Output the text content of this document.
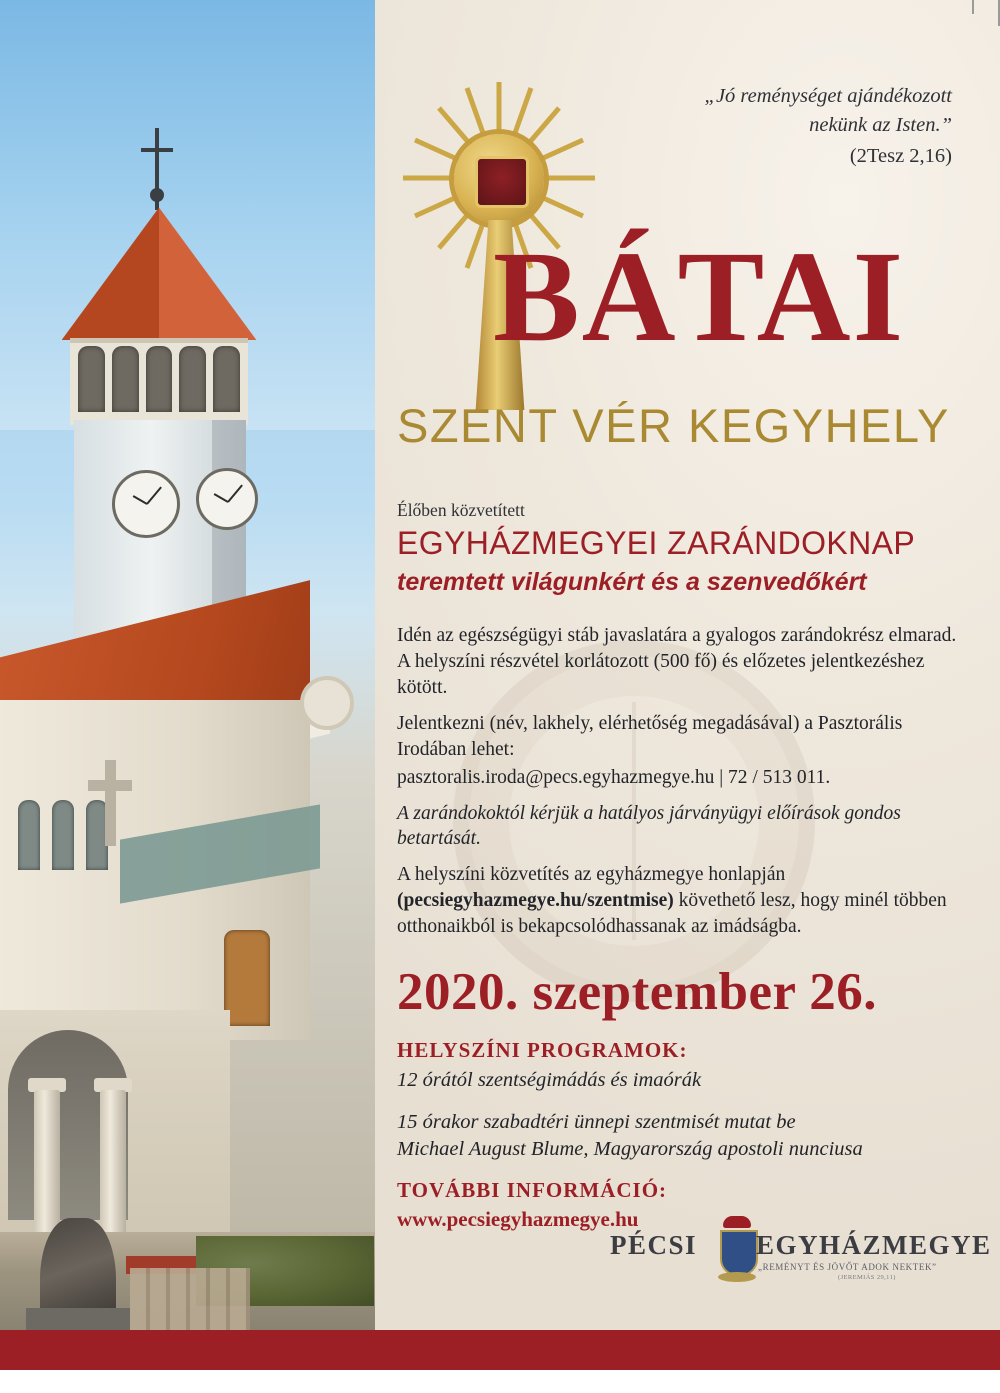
„Jó reménységet ajándékozott
nekünk az Isten.”
(2Tesz 2,16)
BÁTAI
SZENT VÉR KEGYHELY
Élőben közvetített
EGYHÁZMEGYEI ZARÁNDOKNAP
teremtett világunkért és a szenvedőkért

Idén az egészségügyi stáb javaslatára a gyalogos zarándokrész elmarad. A helyszíni részvétel korlátozott (500 fő) és előzetes jelentkezéshez kötött.

Jelentkezni (név, lakhely, elérhetőség megadásával) a Pasztorális Irodában lehet:

pasztoralis.iroda@pecs.egyhazmegye.hu | 72 / 513 011.

A zarándokoktól kérjük a hatályos járványügyi előírások gondos betartását.

A helyszíni közvetítés az egyházmegye honlapján (pecsiegyhazmegye.hu/szentmise) követhető lesz, hogy minél többen otthonaikból is bekapcsolódhassanak az imádságba.

2020. szeptember 26.
HELYSZÍNI PROGRAMOK:
12 órától szentségimádás és imaórák
15 órakor szabadtéri ünnepi szentmisét mutat be
Michael August Blume, Magyarország apostoli nunciusa
TOVÁBBI INFORMÁCIÓ:
www.pecsiegyhazmegye.hu
PÉCSI EGYHÁZMEGYE
„REMÉNYT ÉS JÖVŐT ADOK NEKTEK”
(JEREMIÁS 29,11)
